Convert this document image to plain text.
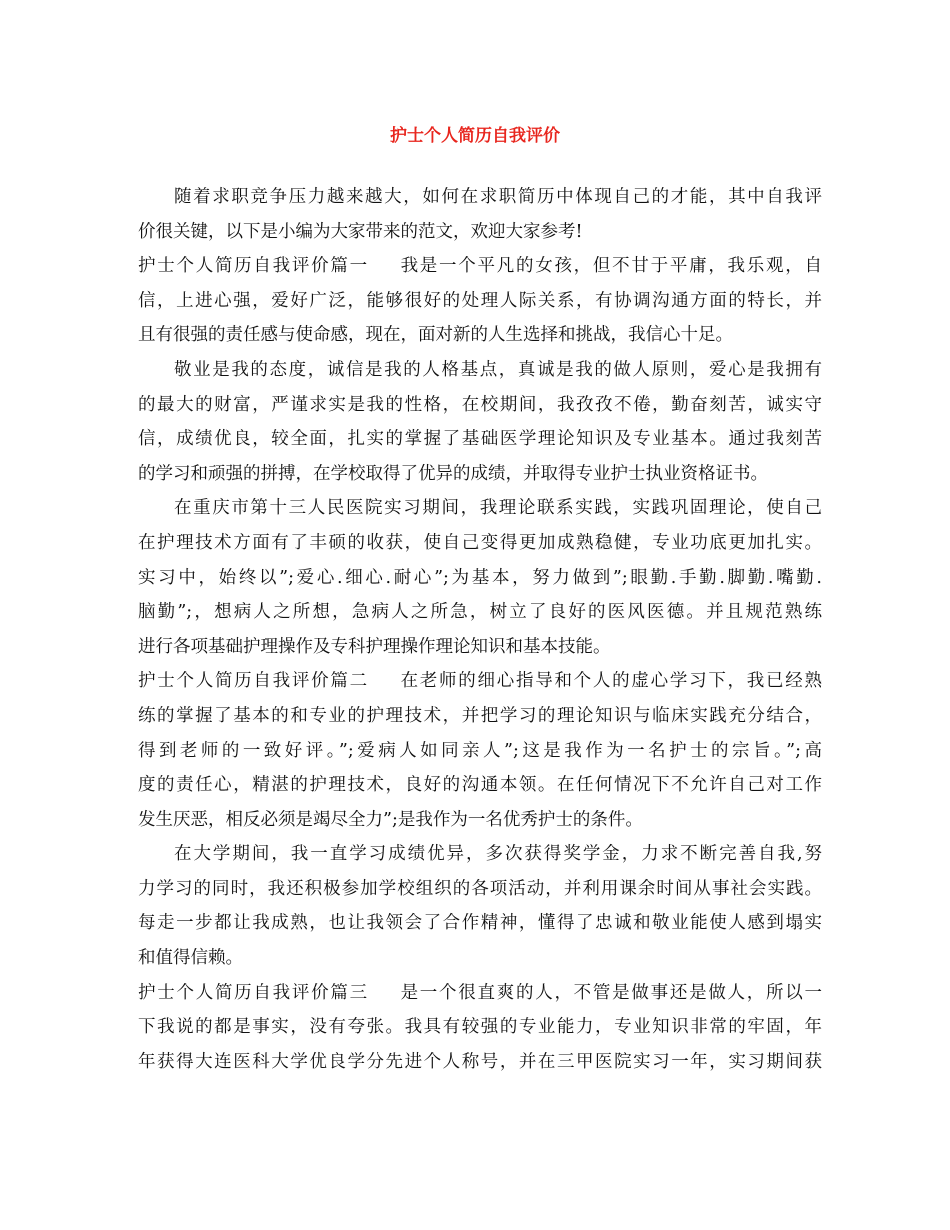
护士个人简历自我评价
随着求职竞争压力越来越大，如何在求职简历中体现自己的才能，其中自我评
价很关键，以下是小编为大家带来的范文，欢迎大家参考!
护士个人简历自我评价篇一 我是一个平凡的女孩，但不甘于平庸，我乐观，自
信，上进心强，爱好广泛，能够很好的处理人际关系，有协调沟通方面的特长，并
且有很强的责任感与使命感，现在，面对新的人生选择和挑战，我信心十足。
敬业是我的态度，诚信是我的人格基点，真诚是我的做人原则，爱心是我拥有
的最大的财富，严谨求实是我的性格，在校期间，我孜孜不倦，勤奋刻苦，诚实守
信，成绩优良，较全面，扎实的掌握了基础医学理论知识及专业基本。通过我刻苦
的学习和顽强的拼搏，在学校取得了优异的成绩，并取得专业护士执业资格证书。
在重庆市第十三人民医院实习期间，我理论联系实践，实践巩固理论，使自己
在护理技术方面有了丰硕的收获，使自己变得更加成熟稳健，专业功底更加扎实。
实习中，始终以”;爱心.细心.耐心”;为基本，努力做到”;眼勤.手勤.脚勤.嘴勤.
脑勤”;，想病人之所想，急病人之所急，树立了良好的医风医德。并且规范熟练
进行各项基础护理操作及专科护理操作理论知识和基本技能。
护士个人简历自我评价篇二 在老师的细心指导和个人的虚心学习下，我已经熟
练的掌握了基本的和专业的护理技术，并把学习的理论知识与临床实践充分结合，
得到老师的一致好评。”;爱病人如同亲人”;这是我作为一名护士的宗旨。”;高
度的责任心，精湛的护理技术，良好的沟通本领。在任何情况下不允许自己对工作
发生厌恶，相反必须是竭尽全力”;是我作为一名优秀护士的条件。
在大学期间，我一直学习成绩优异，多次获得奖学金，力求不断完善自我,努
力学习的同时，我还积极参加学校组织的各项活动，并利用课余时间从事社会实践。
每走一步都让我成熟，也让我领会了合作精神，懂得了忠诚和敬业能使人感到塌实
和值得信赖。
护士个人简历自我评价篇三 是一个很直爽的人，不管是做事还是做人，所以一
下我说的都是事实，没有夸张。我具有较强的专业能力，专业知识非常的牢固，年
年获得大连医科大学优良学分先进个人称号，并在三甲医院实习一年，实习期间获
